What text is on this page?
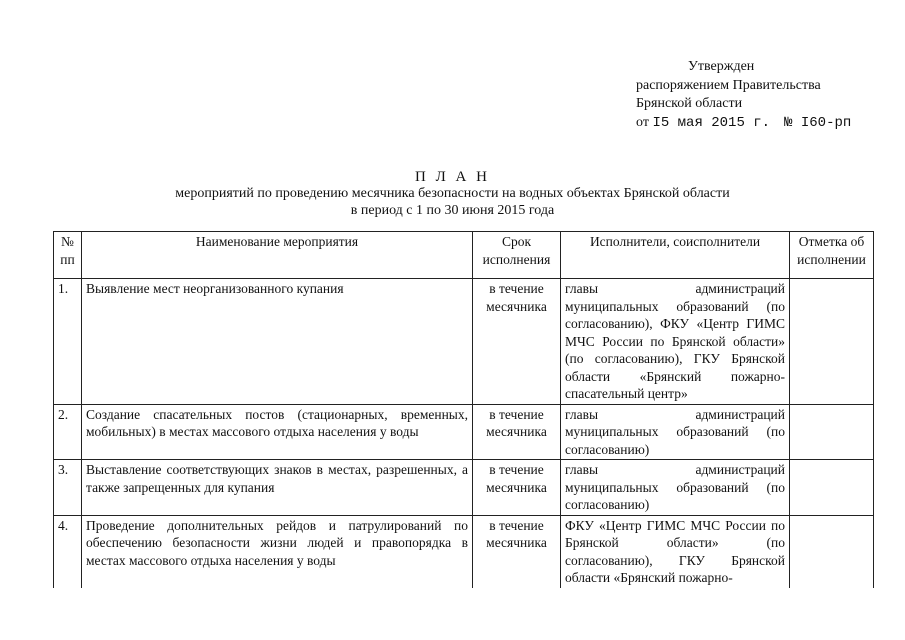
Утвержден
распоряжением Правительства
Брянской области
от I5 мая 2015 г. № I60-рп
П Л А Н
мероприятий по проведению месячника безопасности на водных объектах Брянской области
в период с 1 по 30 июня 2015 года
№ пп	Наименование мероприятия	Срок исполнения	Исполнители, соисполнители	Отметка об исполнении
1.	Выявление мест неорганизованного купания	в течение месячника	главы администраций муниципальных образований (по согласованию), ФКУ «Центр ГИМС МЧС России по Брянской области» (по согласованию), ГКУ Брянской области «Брянский пожарно-спасательный центр»	
2.	Создание спасательных постов (стационарных, временных, мобильных) в местах массового отдыха населения у воды	в течение месячника	главы администраций муниципальных образований (по согласованию)	
3.	Выставление соответствующих знаков в местах, разрешенных, а также запрещенных для купания	в течение месячника	главы администраций муниципальных образований (по согласованию)	
4.	Проведение дополнительных рейдов и патрулирований по обеспечению безопасности жизни людей и правопорядка в местах массового отдыха населения у воды	в течение месячника	ФКУ «Центр ГИМС МЧС России по Брянской области» (по согласованию), ГКУ Брянской области «Брянский пожарно-	
